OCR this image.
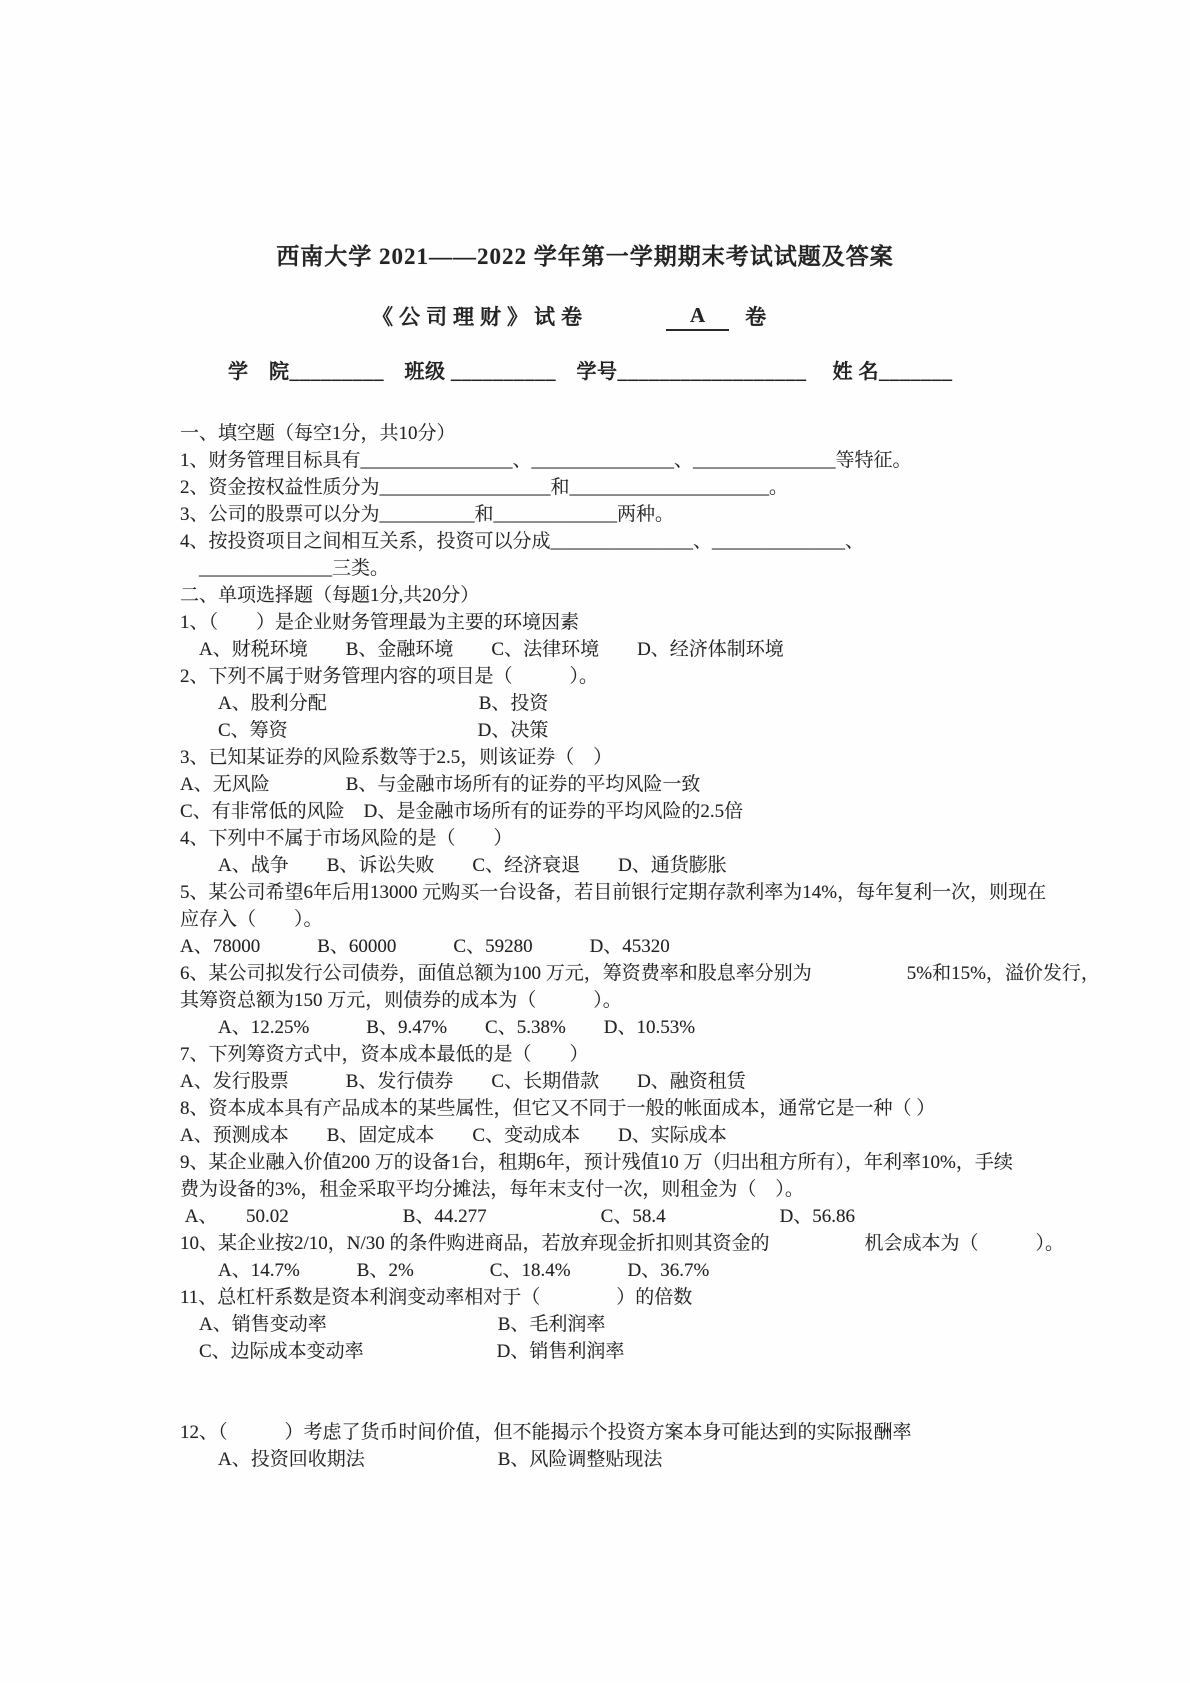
西南大学 2021——2022 学年第一学期期末考试试题及答案
《公司理财》试卷	A	卷
学　院_________　班级 __________　学号__________________　 姓 名_______
一、填空题（每空1分，共10分）
1、财务管理目标具有________________、_______________、_______________等特征。
2、资金按权益性质分为__________________和_____________________。
3、公司的股票可以分为__________和_____________两种。
4、按投资项目之间相互关系，投资可以分成_______________、______________、
　______________三类。
二、单项选择题（每题1分,共20分）
1、（　　）是企业财务管理最为主要的环境因素
　A、财税环境　　B、金融环境　　C、法律环境　　D、经济体制环境
2、下列不属于财务管理内容的项目是（　　　）。
　　A、股利分配　　　　　　　　B、投资
　　C、筹资　　　　　　　　　　D、决策
3、已知某证券的风险系数等于2.5，则该证券（　）
A、无风险　　　　B、与金融市场所有的证券的平均风险一致
C、有非常低的风险　D、是金融市场所有的证券的平均风险的2.5倍
4、下列中不属于市场风险的是（　　）
　　A、战争　　B、诉讼失败　　C、经济衰退　　D、通货膨胀
5、某公司希望6年后用13000 元购买一台设备，若目前银行定期存款利率为14%，每年复利一次，则现在
应存入（　　）。
A、78000　　　B、60000　　　C、59280　　　D、45320
6、某公司拟发行公司债券，面值总额为100 万元，筹资费率和股息率分别为　　　　　5%和15%，溢价发行，
其筹资总额为150 万元，则债券的成本为（　　　）。
　　A、12.25%　　　B、9.47%　　C、5.38%　　D、10.53%
7、下列筹资方式中，资本成本最低的是（　　）
A、发行股票　　　B、发行债券　　C、长期借款　　D、融资租赁
8、资本成本具有产品成本的某些属性，但它又不同于一般的帐面成本，通常它是一种（ ）
A、预测成本　　B、固定成本　　C、变动成本　　D、实际成本
9、某企业融入价值200 万的设备1台，租期6年，预计残值10 万（归出租方所有），年利率10%，手续
费为设备的3%，租金采取平均分摊法，每年末支付一次，则租金为（　）。
A、　　50.02　　　　　　B、44.277　　　　　　C、58.4　　　　　　D、56.86
10、某企业按2/10，N/30 的条件购进商品，若放弃现金折扣则其资金的　　　　　机会成本为（　　　）。
　　A、14.7%　　　B、2%　　　　C、18.4%　　　D、36.7%
11、总杠杆系数是资本利润变动率相对于（　　　　）的倍数
　A、销售变动率　　　　　　　　　B、毛利润率
　C、边际成本变动率　　　　　　　D、销售利润率
12、（　　　）考虑了货币时间价值，但不能揭示个投资方案本身可能达到的实际报酬率
　　A、投资回收期法　　　　　　　B、风险调整贴现法
